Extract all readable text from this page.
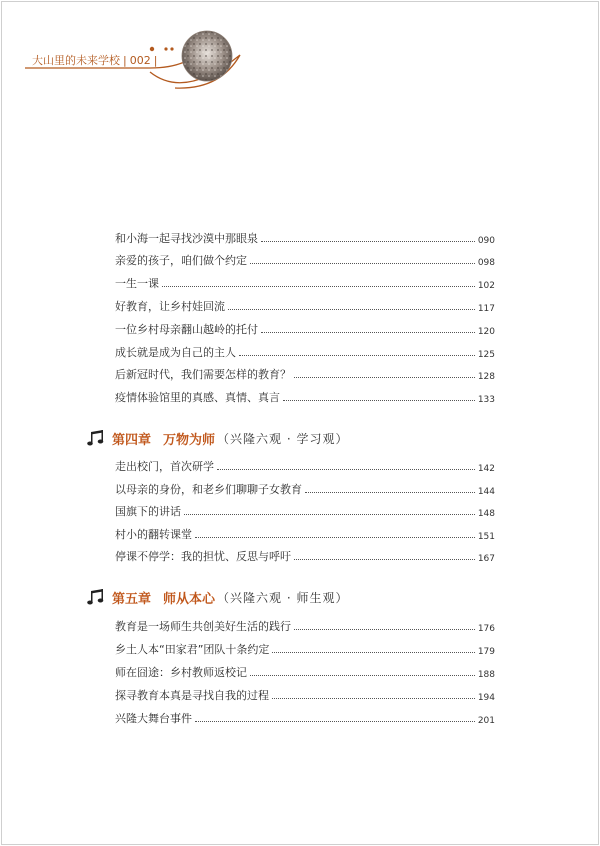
大山里的未来学校 | 002 |
和小海一起寻找沙漠中那眼泉	090
亲爱的孩子，咱们做个约定	098
一生一课	102
好教育，让乡村娃回流	117
一位乡村母亲翻山越岭的托付	120
成长就是成为自己的主人	125
后新冠时代，我们需要怎样的教育？	128
疫情体验馆里的真感、真情、真言	133
第四章 万物为师 （兴隆六观 · 学习观）
走出校门，首次研学	142
以母亲的身份，和老乡们聊聊子女教育	144
国旗下的讲话	148
村小的翻转课堂	151
停课不停学：我的担忧、反思与呼吁	167
第五章 师从本心 （兴隆六观 · 师生观）
教育是一场师生共创美好生活的践行	176
乡土人本“田家君”团队十条约定	179
师在囧途：乡村教师返校记	188
探寻教育本真是寻找自我的过程	194
兴隆大舞台事件	201
